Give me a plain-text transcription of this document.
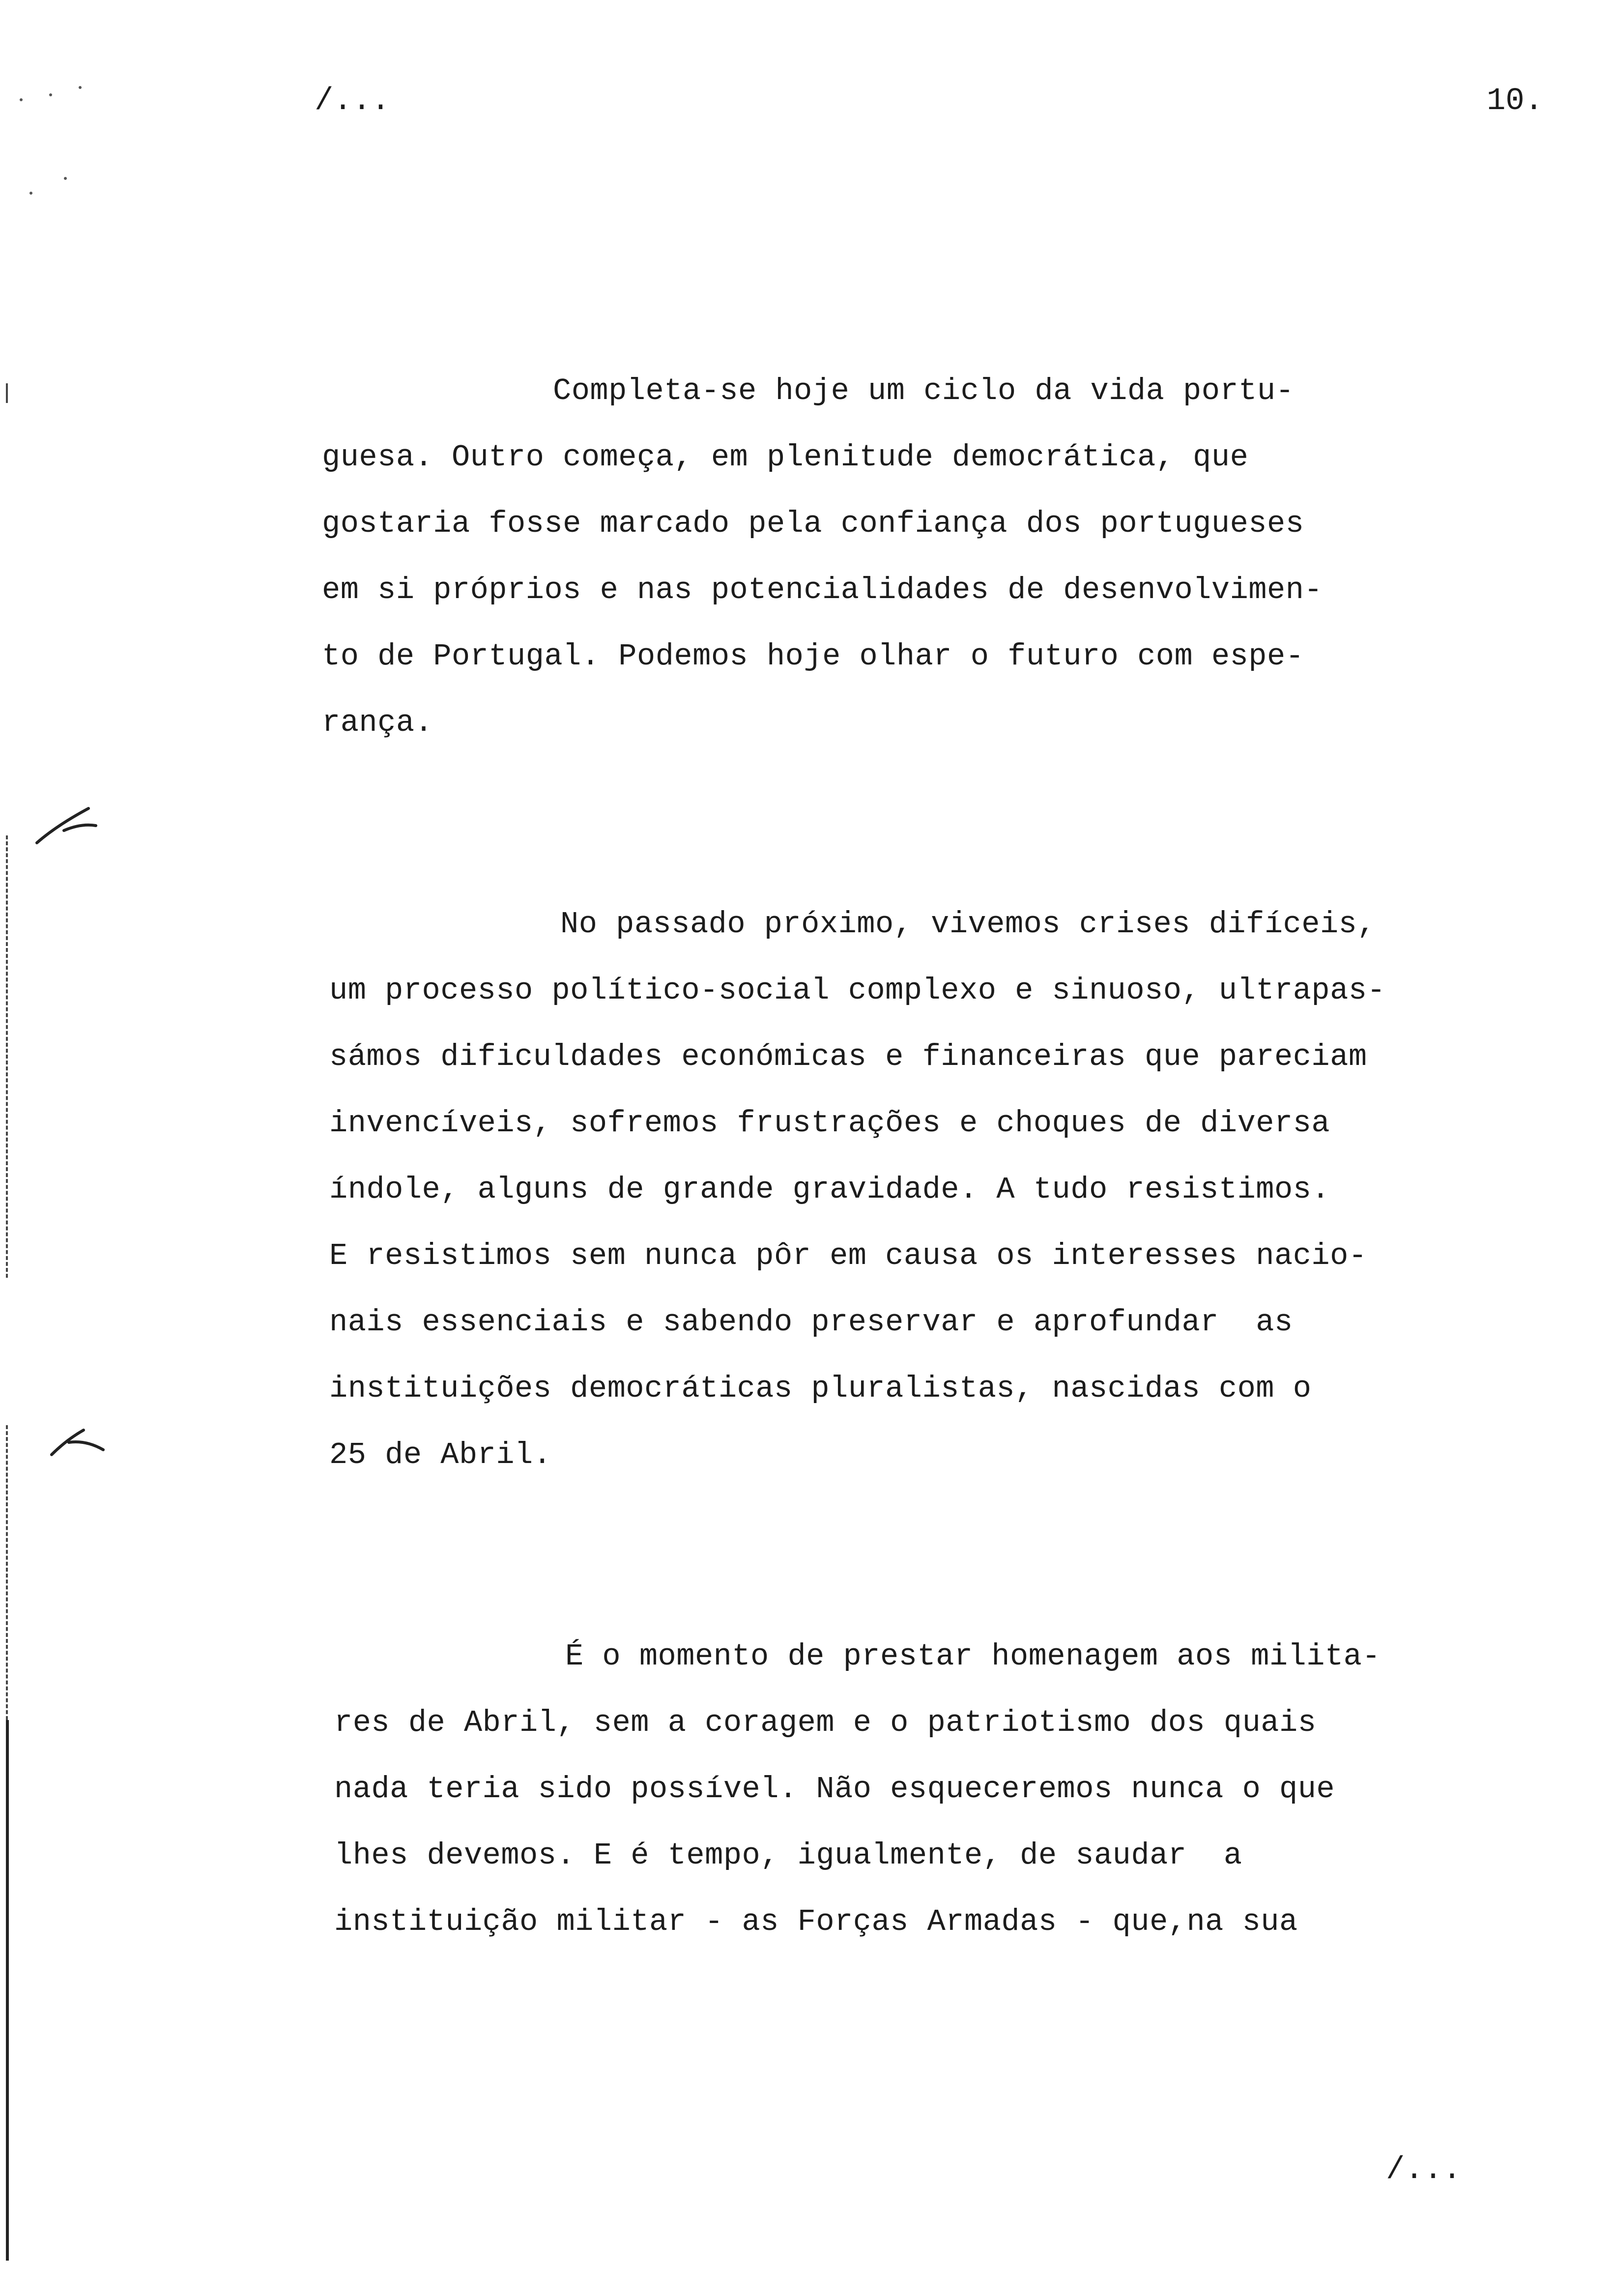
/...	10.
Completa-se hoje um ciclo da vida portu-
guesa. Outro começa, em plenitude democrática, que
gostaria fosse marcado pela confiança dos portugueses
em si próprios e nas potencialidades de desenvolvimen-
to de Portugal. Podemos hoje olhar o futuro com espe-
rança.
No passado próximo, vivemos crises difíceis,
um processo político-social complexo e sinuoso, ultrapas-
sámos dificuldades económicas e financeiras que pareciam
invencíveis, sofremos frustrações e choques de diversa
índole, alguns de grande gravidade. A tudo resistimos.
E resistimos sem nunca pôr em causa os interesses nacio-
nais essenciais e sabendo preservar e aprofundar  as
instituições democráticas pluralistas, nascidas com o
25 de Abril.
É o momento de prestar homenagem aos milita-
res de Abril, sem a coragem e o patriotismo dos quais
nada teria sido possível. Não esqueceremos nunca o que
lhes devemos. E é tempo, igualmente, de saudar  a
instituição militar - as Forças Armadas - que,na sua
/...
